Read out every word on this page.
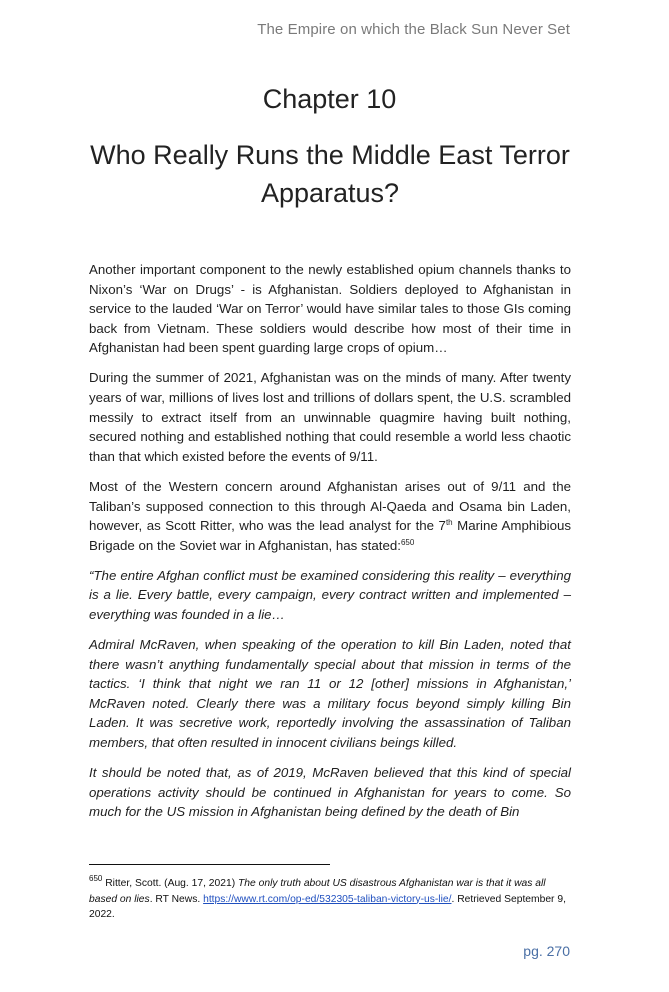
The Empire on which the Black Sun Never Set
Chapter 10
Who Really Runs the Middle East Terror Apparatus?

Another important component to the newly established opium channels thanks to Nixon’s ‘War on Drugs’ - is Afghanistan. Soldiers deployed to Afghanistan in service to the lauded ‘War on Terror’ would have similar tales to those GIs coming back from Vietnam. These soldiers would describe how most of their time in Afghanistan had been spent guarding large crops of opium…

During the summer of 2021, Afghanistan was on the minds of many. After twenty years of war, millions of lives lost and trillions of dollars spent, the U.S. scrambled messily to extract itself from an unwinnable quagmire having built nothing, secured nothing and established nothing that could resemble a world less chaotic than that which existed before the events of 9/11.

Most of the Western concern around Afghanistan arises out of 9/11 and the Taliban’s supposed connection to this through Al-Qaeda and Osama bin Laden, however, as Scott Ritter, who was the lead analyst for the 7th Marine Amphibious Brigade on the Soviet war in Afghanistan, has stated:$^{650}$

“The entire Afghan conflict must be examined considering this reality – everything is a lie. Every battle, every campaign, every contract written and implemented – everything was founded in a lie…

Admiral McRaven, when speaking of the operation to kill Bin Laden, noted that there wasn’t anything fundamentally special about that mission in terms of the tactics. ‘I think that night we ran 11 or 12 [other] missions in Afghanistan,’ McRaven noted. Clearly there was a military focus beyond simply killing Bin Laden. It was secretive work, reportedly involving the assassination of Taliban members, that often resulted in innocent civilians beings killed.

It should be noted that, as of 2019, McRaven believed that this kind of special operations activity should be continued in Afghanistan for years to come. So much for the US mission in Afghanistan being defined by the death of Bin

$^{650}$ Ritter, Scott. (Aug. 17, 2021) The only truth about US disastrous Afghanistan war is that it was all based on lies. RT News. https://www.rt.com/op-ed/532305-taliban-victory-us-lie/. Retrieved September 9, 2022.
pg. 270
